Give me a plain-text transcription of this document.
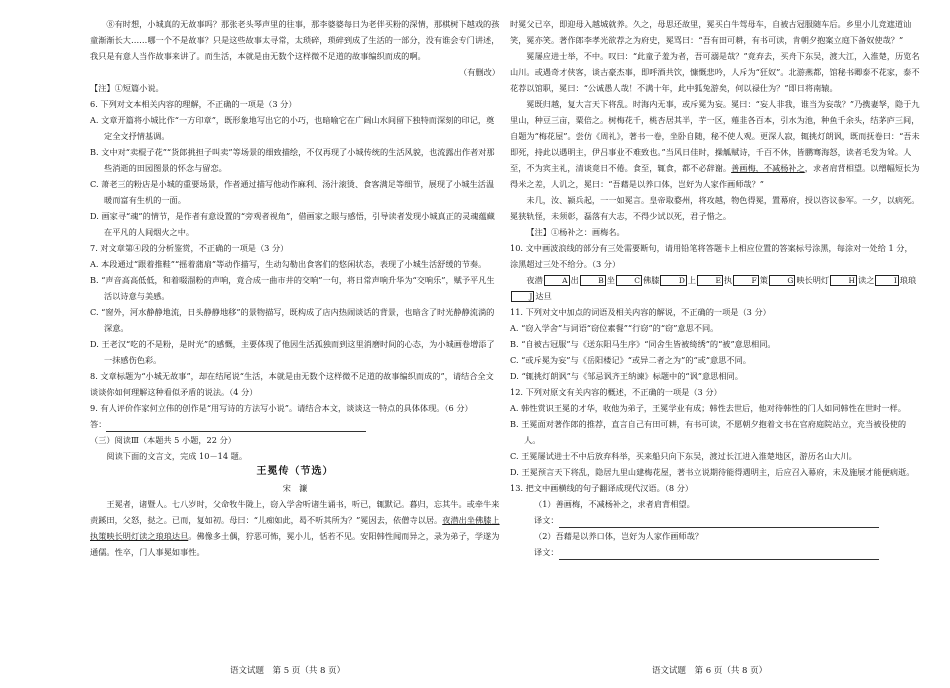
⑧有时想，小城真的无故事吗？那张老头琴声里的往事，那李婆婆每日为老伴买粉的深情，那棋树下越戏的孩童渐渐长大……哪一个不是故事？只是这些故事太寻常，太琐碎，琐碎到成了生活的一部分，没有谁会专门讲述，我只是有意人当作故事来讲了。而生活，本就是由无数个这样微不足道的故事编织而成的啊。

（有删改）

【注】①短篇小说。

6. 下列对文本相关内容的理解，不正确的一项是（3 分）

A. 文章开篇将小城比作“一方印章”，既形象地写出它的小巧，也暗喻它在广阔山水间留下独特而深刻的印记，奠定全文抒情基调。

B. 文中对“卖棍子花”“货郎挑担子叫卖”等场景的细致描绘，不仅再现了小城传统的生活风貌，也流露出作者对那些消逝的田园图景的怀念与留恋。

C. 萧老三的粉店是小城的重要场景，作者通过描写他动作麻利、汤汁滚烫、食客满足等细节，展现了小城生活温暖而富有生机的一面。

D. 画家寻“魂”的情节，是作者有意设置的“旁观者视角”，借画家之眼与感悟，引导读者发现小城真正的灵魂蕴藏在平凡的人间烟火之中。

7. 对文章第④段的分析鉴赏，不正确的一项是（3 分）

A. 本段通过“跟着推鞋”“摇着蒲扇”等动作描写，生动勾勒出食客们的悠闲状态，表现了小城生活舒缓的节奏。

B. “声音高高低低，和着啜溜粉的声响，竟合成一曲市井的交响”一句，将日常声响升华为“交响乐”，赋予平凡生活以诗意与美感。

C. “窗外，河水静静地流，日头静静地移”的景物描写，既构成了店内热闹谈话的背景，也暗含了时光静静流淌的深意。

D. 王老汉“吃的不是粉，是时光”的感慨，主要体现了他因生活孤独而到这里消磨时间的心态，为小城画卷增添了一抹感伤色彩。

8. 文章标题为“小城无故事”，却在结尾说“生活，本就是由无数个这样微不足道的故事编织而成的”，请结合全文谈谈你如何理解这种看似矛盾的说法。（4 分）

9. 有人评价作家何立伟的创作是“用写诗的方法写小说”。请结合本文，谈谈这一特点的具体体现。（6 分）

答：

（三）阅读Ⅲ（本题共 5 小题，22 分）

阅读下面的文言文，完成 10－14 题。

王冕传（节选）

宋　濂

王冕者，诸暨人。七八岁时，父命牧牛陇上，窃入学舍听诸生诵书，听已，辄默记。暮归，忘其牛。或牵牛来责蹊田，父怒，挞之。已而，复如初。母曰：“儿痴如此，曷不听其所为？”冕因去，依僧寺以居。夜潜出坐佛膝上执策映长明灯读之琅琅达旦。佛像多土偶，狞恶可怖，冕小儿，恬若不见。安阳韩性闻而异之，录为弟子，学遂为通儒。性卒，门人事冕如事性。

时冕父已卒，即迎母入越城就养。久之，母思还故里，冕买白牛驾母车，自被古冠服随车后。乡里小儿竞遮道讪笑，冕亦笑。著作郎李孝光欲荐之为府史，冕骂曰：“吾有田可耕，有书可读，肯朝夕抱案立庭下备奴使哉？”

冕屡应进士举，不中。叹曰：“此童子羞为者，吾可溺是哉？”竟弃去，买舟下东吴，渡大江，入淮楚，历览名山川。或遇奇才侠客，谈古豪杰事，即呼酒共饮，慷慨悲吟，人斥为“狂奴”。北游燕都，馆秘书卿泰不花家，泰不花荐以馆职，冕曰：“公诚愚人哉！不满十年，此中狐兔游矣，何以禄仕为？”即日将南辕。

冕既归越，复大言天下将乱。时海内无事，或斥冕为妄。冕曰：“妄人非我，谁当为妄哉？”乃携妻孥，隐于九里山，种豆三亩，粟倍之。树梅花千，桃杏居其半，芋一区，薤韭各百本，引水为池，种鱼千余头，结茅庐三间，自题为“梅花屋”。尝仿《周礼》，著书一卷，坐卧自随，秘不使人观。更深人寂，辄挑灯朗讽，既而抚卷曰：“吾未即死，持此以遇明主，伊吕事业不难致也。”当风日佳时，操觚赋诗，千百不休，皆鹏骞海怒，读者毛发为耸。人至，不为宾主礼，清谈竟日不倦。食至，辄食，都不必辞谢。善画梅，不减杨补之，求者肩背相望。以缯幅短长为得米之差，人讥之，冕曰：“吾藉是以养口体，岂好为人家作画师哉？”

未几，汝、颍兵起，一一如冕言。皇帝取婺州，将攻越，物色得冕，置幕府，授以咨议参军。一夕，以病死。冕狭轨怪，未须彰，磊落有大志，不得少试以死，君子惜之。

【注】①杨补之：画梅名。

10. 文中画波浪线的部分有三处需要断句，请用铅笔将答题卡上相应位置的答案标号涂黑，每涂对一处给 1 分，涂黑超过三处不给分。（3 分）

夜潜	A 出	B 坐	C 佛膝	D 上	E 执	F 策	G 映长明灯	H 读之	I 琅琅J 达旦

11. 下列对文中加点的词语及相关内容的解说，不正确的一项是（3 分）

A. “窃入学舍”与词语“窃位素餐”“行窃”的“窃”意思不同。

B. “自被古冠服”与《送东阳马生序》“同舍生皆被绮绣”的“被”意思相同。

C. “或斥冕为妄”与《岳阳楼记》“或异二者之为”的“或”意思不同。

D. “辄挑灯朗讽”与《邹忌讽齐王纳谏》标题中的“讽”意思相同。

12. 下列对原文有关内容的概述，不正确的一项是（3 分）

A. 韩性赏识王冕的才华，收他为弟子，王冕学业有成；韩性去世后，他对待韩性的门人如同韩性在世时一样。

B. 王冕面对著作郎的推荐，直言自己有田可耕，有书可读，不愿朝夕抱着文书在官府庭院站立，充当被役使的人。

C. 王冕屡试进士不中后放弃科举，买来船只向下东吴，渡过长江进入淮楚地区，游历名山大川。

D. 王冕预言天下将乱，隐居九里山建梅花屋，著书立说期待能得遇明主，后应召入幕府，未及施展才能便病逝。

13. 把文中画横线的句子翻译成现代汉语。（8 分）

（1）善画梅，不减杨补之，求者肩背相望。

译文：

（2）吾藉是以养口体，岂好为人家作画师哉？

译文：

语文试题　第 5 页（共 8 页）	语文试题　第 6 页（共 8 页）
